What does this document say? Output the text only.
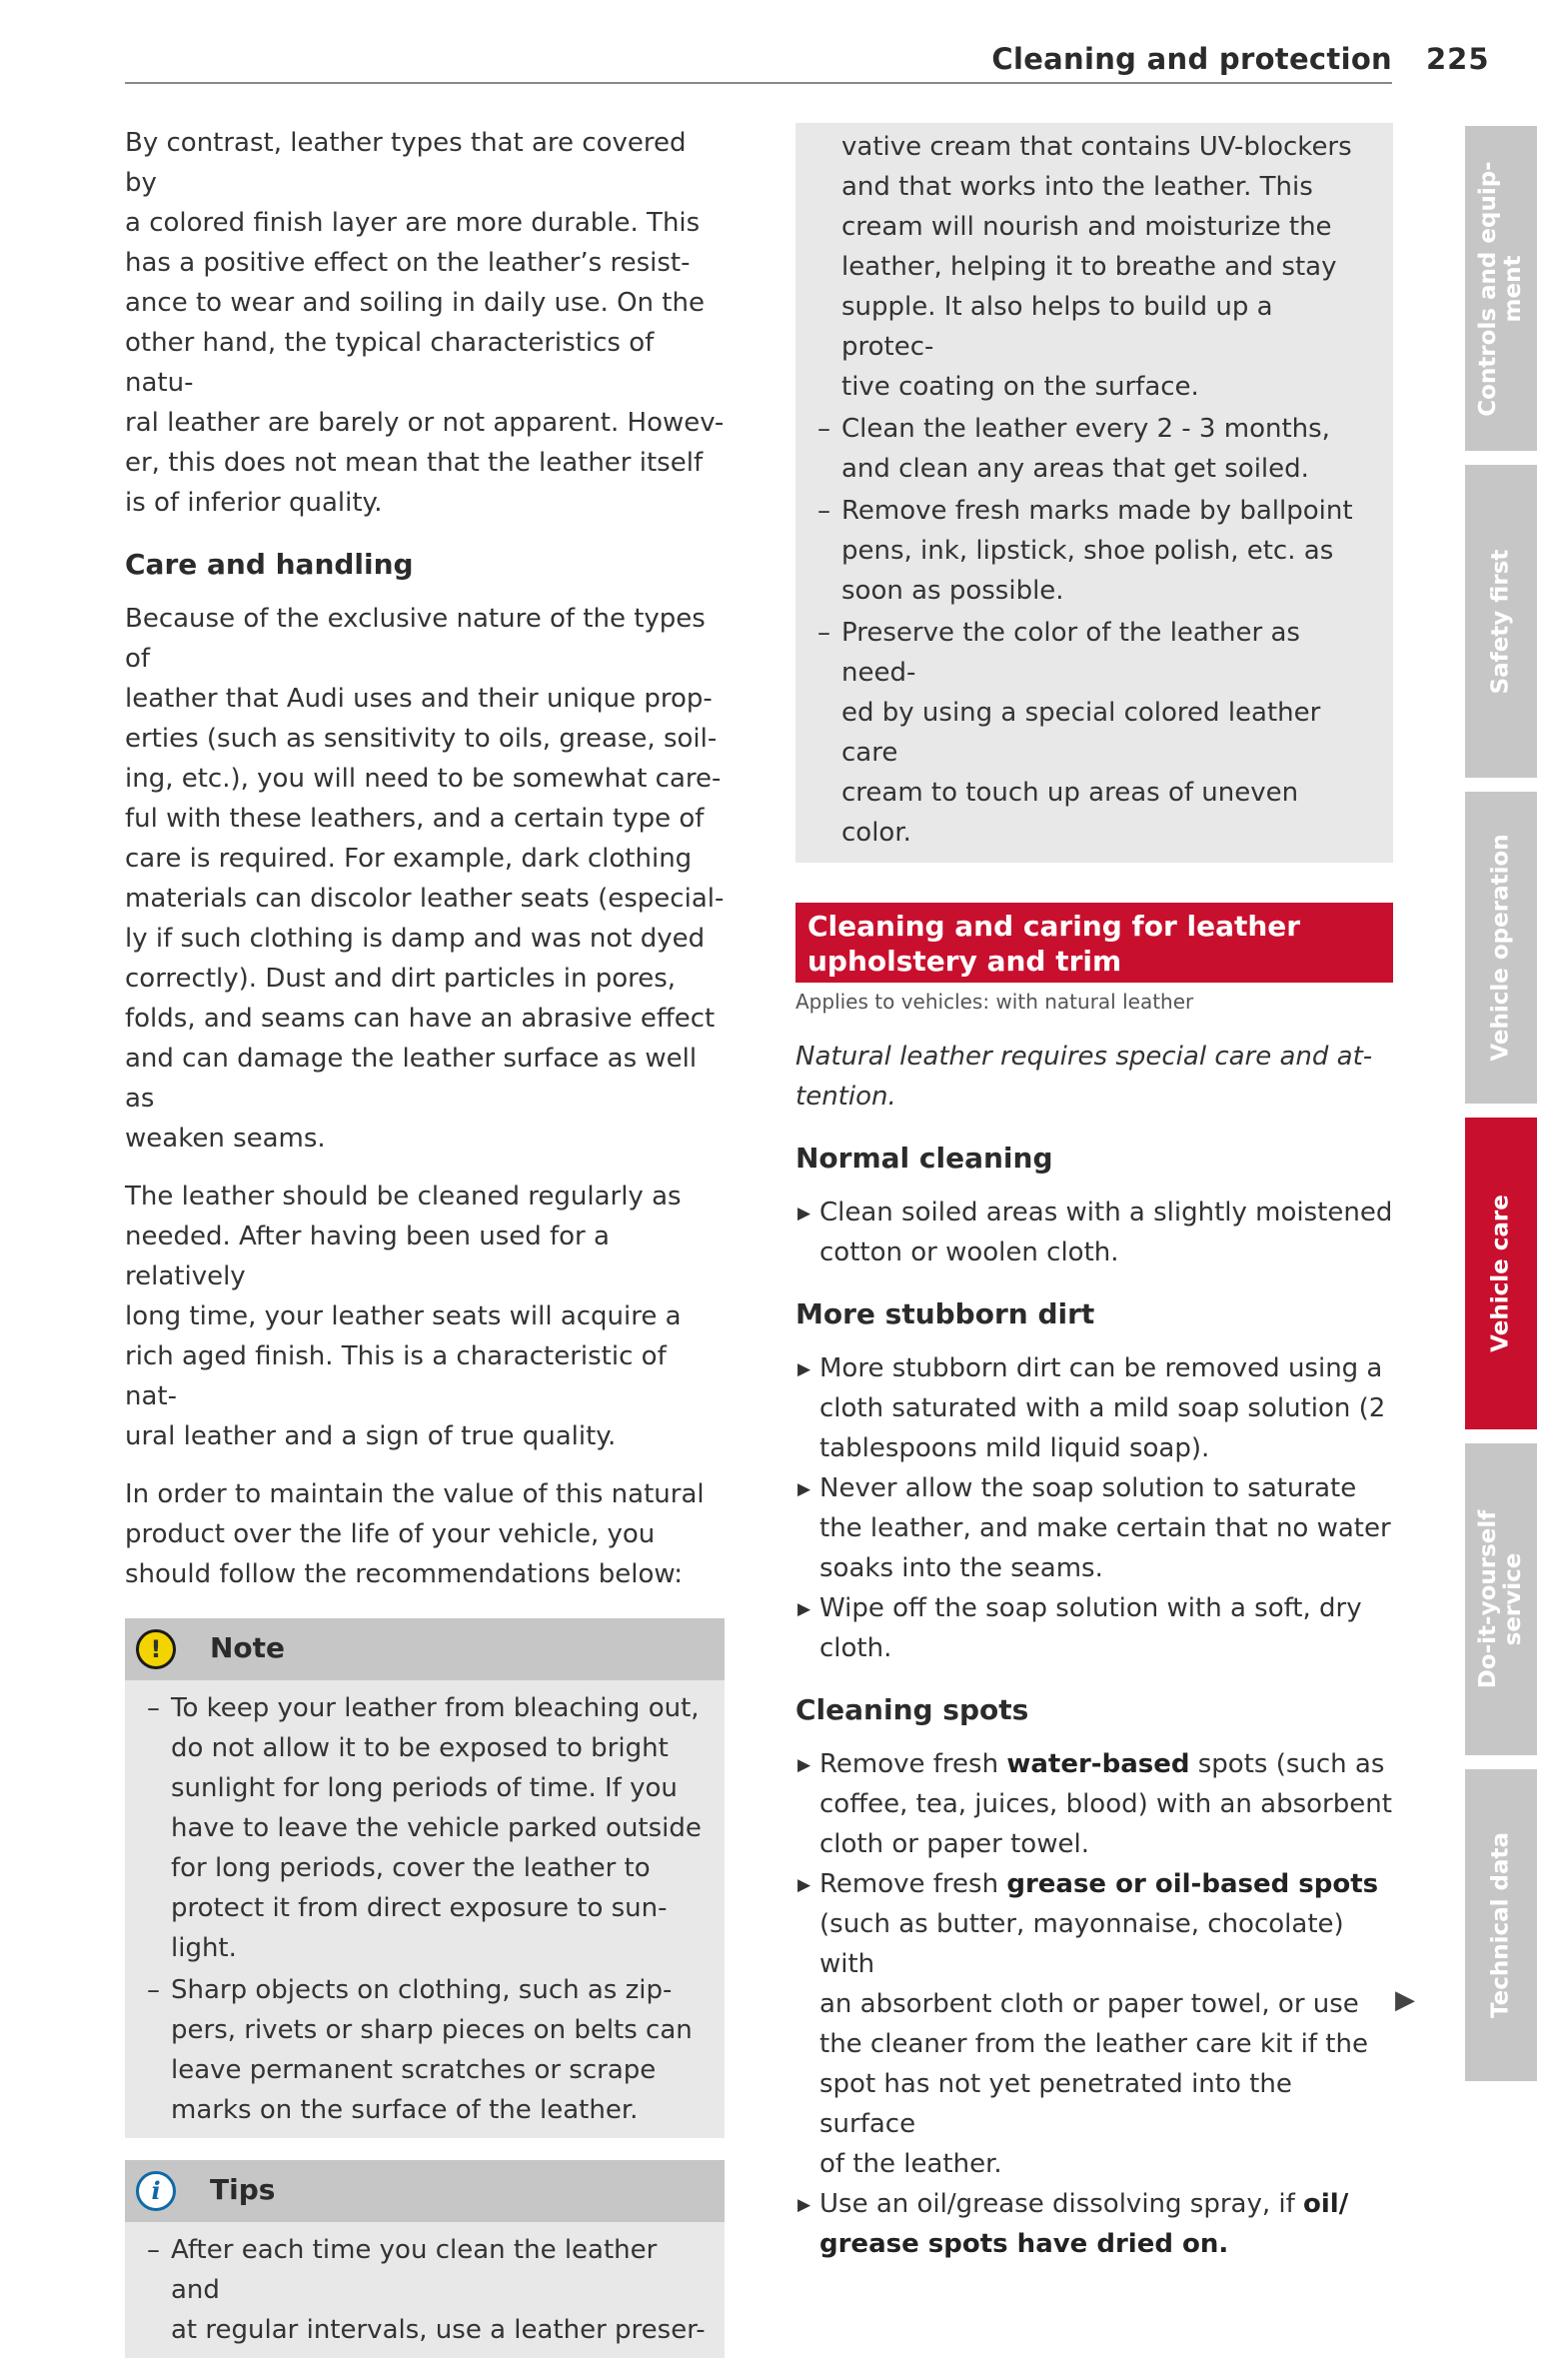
Cleaning and protection 225

By contrast, leather types that are covered by
a colored finish layer are more durable. This
has a positive effect on the leather’s resist-
ance to wear and soiling in daily use. On the
other hand, the typical characteristics of natu-
ral leather are barely or not apparent. Howev-
er, this does not mean that the leather itself
is of inferior quality.

Care and handling

Because of the exclusive nature of the types of
leather that Audi uses and their unique prop-
erties (such as sensitivity to oils, grease, soil-
ing, etc.), you will need to be somewhat care-
ful with these leathers, and a certain type of
care is required. For example, dark clothing
materials can discolor leather seats (especial-
ly if such clothing is damp and was not dyed
correctly). Dust and dirt particles in pores,
folds, and seams can have an abrasive effect
and can damage the leather surface as well as
weaken seams.

The leather should be cleaned regularly as
needed. After having been used for a relatively
long time, your leather seats will acquire a
rich aged finish. This is a characteristic of nat-
ural leather and a sign of true quality.

In order to maintain the value of this natural
product over the life of your vehicle, you
should follow the recommendations below:

!	Note
– To keep your leather from bleaching out,
do not allow it to be exposed to bright
sunlight for long periods of time. If you
have to leave the vehicle parked outside
for long periods, cover the leather to
protect it from direct exposure to sun-
light.
– Sharp objects on clothing, such as zip-
pers, rivets or sharp pieces on belts can
leave permanent scratches or scrape
marks on the surface of the leather.
i	Tips
– After each time you clean the leather and
at regular intervals, use a leather preser-
vative cream that contains UV-blockers
and that works into the leather. This
cream will nourish and moisturize the
leather, helping it to breathe and stay
supple. It also helps to build up a protec-
tive coating on the surface.
– Clean the leather every 2 - 3 months,
and clean any areas that get soiled.
– Remove fresh marks made by ballpoint
pens, ink, lipstick, shoe polish, etc. as
soon as possible.
– Preserve the color of the leather as need-
ed by using a special colored leather care
cream to touch up areas of uneven color.
Cleaning and caring for leather
upholstery and trim
Applies to vehicles: with natural leather

Natural leather requires special care and at-
tention.

Normal cleaning
▶ Clean soiled areas with a slightly moistened
cotton or woolen cloth.
More stubborn dirt
▶ More stubborn dirt can be removed using a
cloth saturated with a mild soap solution (2
tablespoons mild liquid soap).
▶ Never allow the soap solution to saturate
the leather, and make certain that no water
soaks into the seams.
▶ Wipe off the soap solution with a soft, dry
cloth.
Cleaning spots
▶ Remove fresh water-based spots (such as
coffee, tea, juices, blood) with an absorbent
cloth or paper towel.
▶ Remove fresh grease or oil-based spots
(such as butter, mayonnaise, chocolate) with
an absorbent cloth or paper towel, or use
the cleaner from the leather care kit if the
spot has not yet penetrated into the surface
of the leather.
▶ Use an oil/grease dissolving spray, if oil/
grease spots have dried on.
▶
Controls and equip-
ment
Safety first
Vehicle operation
Vehicle care
Do-it-yourself
service
Technical data
